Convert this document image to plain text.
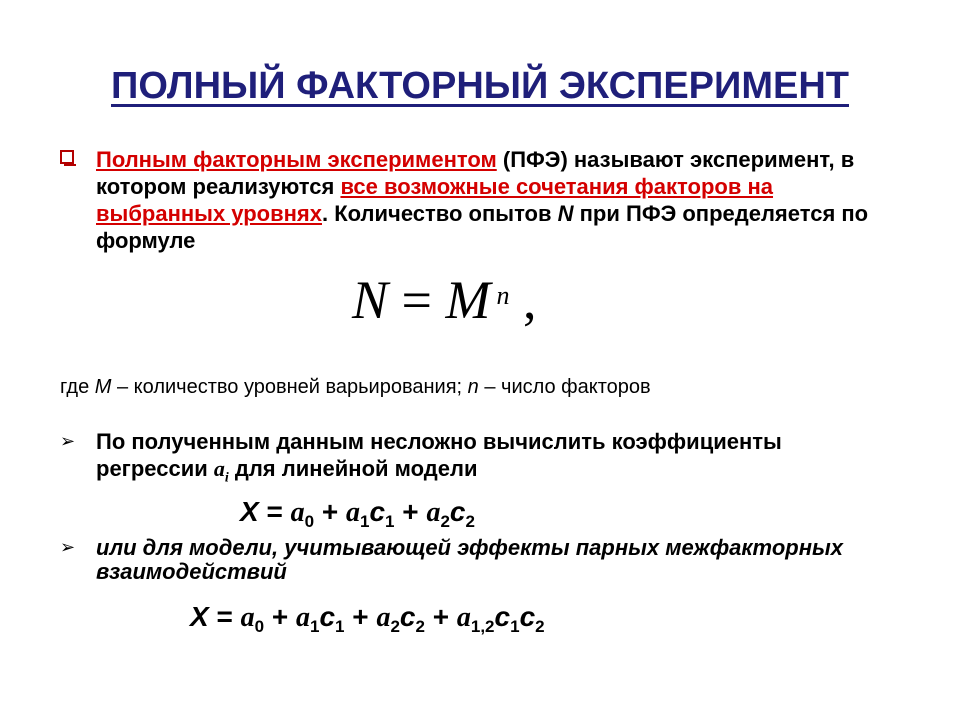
ПОЛНЫЙ ФАКТОРНЫЙ ЭКСПЕРИМЕНТ
Полным факторным экспериментом (ПФЭ) называют эксперимент, в котором реализуются все возможные сочетания факторов на выбранных уровнях. Количество опытов N при ПФЭ определяется по формуле
N = M $^n$ ,
где M – количество уровней варьирования; n – число факторов
➢ По полученным данным несложно вычислить коэффициенты регрессии $a_i$ для линейной модели
$X = a_0 + a_1c_1 + a_2c_2$
➢ или для модели, учитывающей эффекты парных межфакторных взаимодействий
$X = a_0 + a_1c_1 + a_2c_2 + a_{1,2}c_1c_2$
